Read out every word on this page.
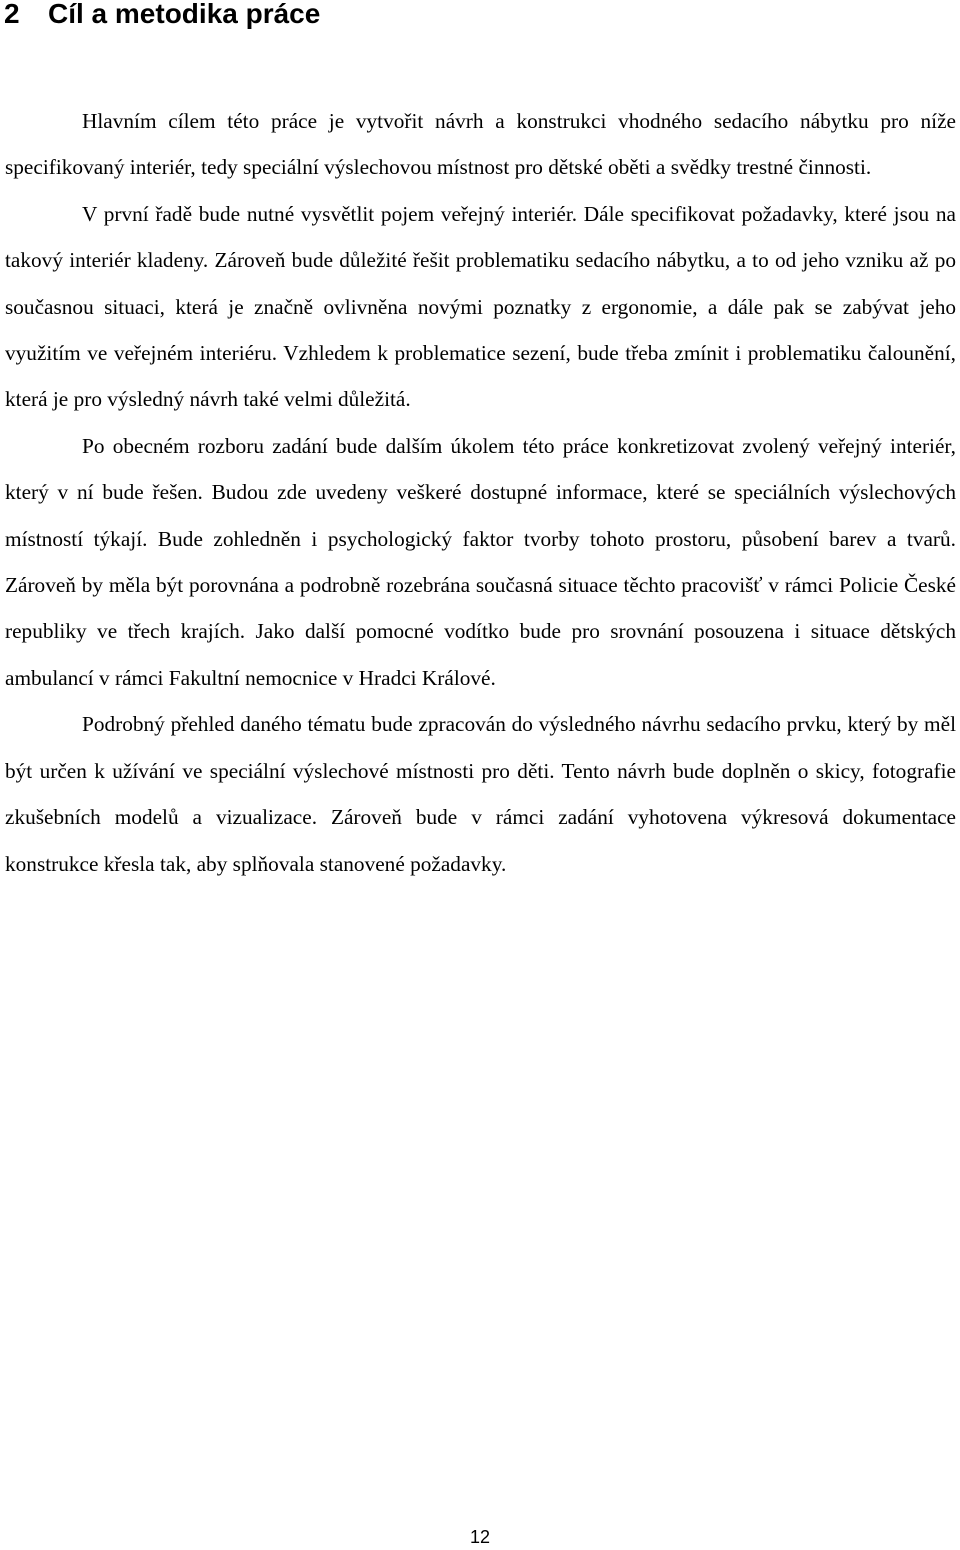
2 Cíl a metodika práce

Hlavním cílem této práce je vytvořit návrh a konstrukci vhodného sedacího nábytku pro níže specifikovaný interiér, tedy speciální výslechovou místnost pro dětské oběti a svědky trestné činnosti.

V první řadě bude nutné vysvětlit pojem veřejný interiér. Dále specifikovat požadavky, které jsou na takový interiér kladeny. Zároveň bude důležité řešit problematiku sedacího nábytku, a to od jeho vzniku až po současnou situaci, která je značně ovlivněna novými poznatky z ergonomie, a dále pak se zabývat jeho využitím ve veřejném interiéru. Vzhledem k problematice sezení, bude třeba zmínit i problematiku čalounění, která je pro výsledný návrh také velmi důležitá.

Po obecném rozboru zadání bude dalším úkolem této práce konkretizovat zvolený veřejný interiér, který v ní bude řešen. Budou zde uvedeny veškeré dostupné informace, které se speciálních výslechových místností týkají. Bude zohledněn i psychologický faktor tvorby tohoto prostoru, působení barev a tvarů. Zároveň by měla být porovnána a podrobně rozebrána současná situace těchto pracovišť v rámci Policie České republiky ve třech krajích. Jako další pomocné vodítko bude pro srovnání posouzena i situace dětských ambulancí v rámci Fakultní nemocnice v Hradci Králové.

Podrobný přehled daného tématu bude zpracován do výsledného návrhu sedacího prvku, který by měl být určen k užívání ve speciální výslechové místnosti pro děti. Tento návrh bude doplněn o skicy, fotografie zkušebních modelů a vizualizace. Zároveň bude v rámci zadání vyhotovena výkresová dokumentace konstrukce křesla tak, aby splňovala stanovené požadavky.

12
